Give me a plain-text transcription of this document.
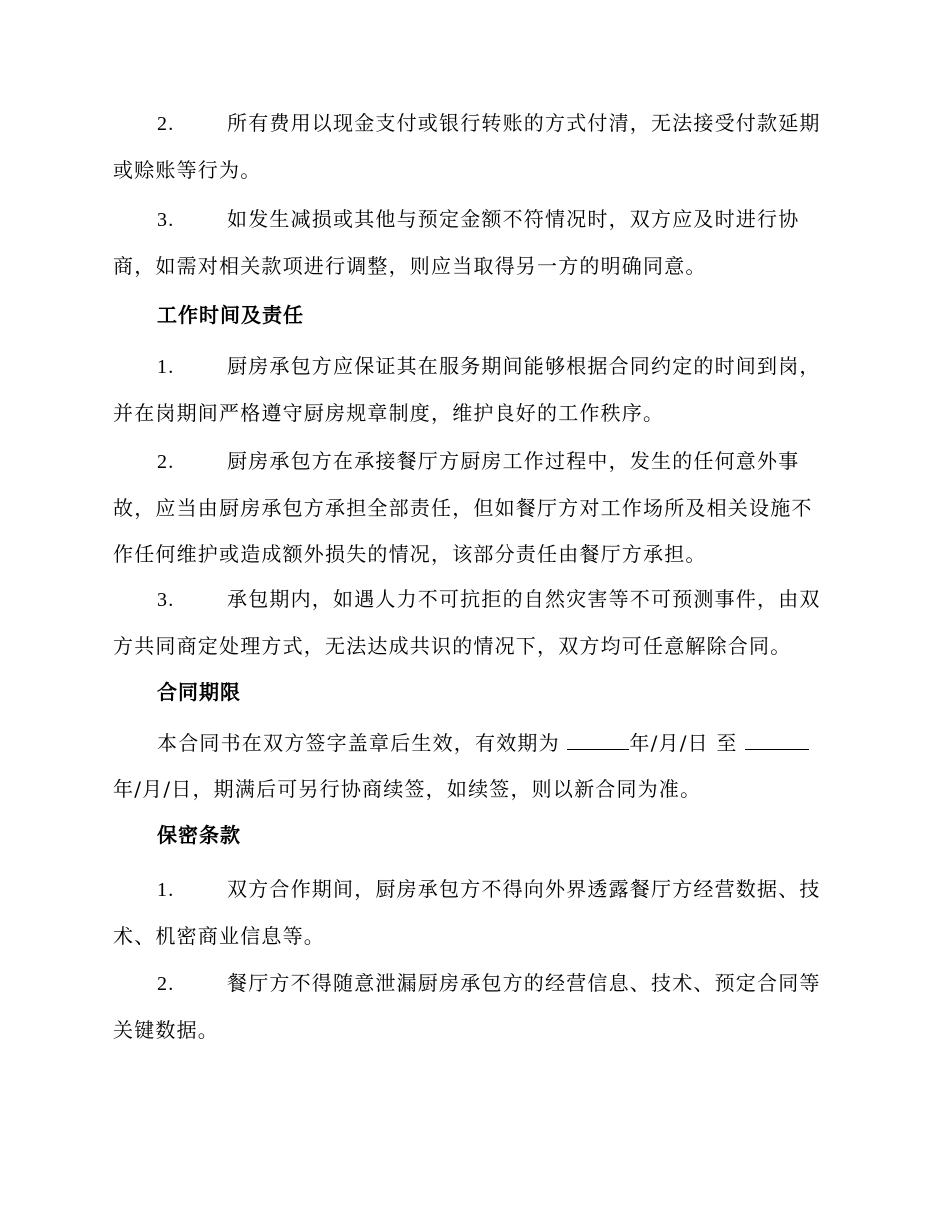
2.	所有费用以现金支付或银行转账的方式付清，无法接受付款延期或赊账等行为。

3.	如发生减损或其他与预定金额不符情况时，双方应及时进行协商，如需对相关款项进行调整，则应当取得另一方的明确同意。

工作时间及责任

1.	厨房承包方应保证其在服务期间能够根据合同约定的时间到岗，并在岗期间严格遵守厨房规章制度，维护良好的工作秩序。

2.	厨房承包方在承接餐厅方厨房工作过程中，发生的任何意外事故，应当由厨房承包方承担全部责任，但如餐厅方对工作场所及相关设施不作任何维护或造成额外损失的情况，该部分责任由餐厅方承担。

3.	承包期内，如遇人力不可抗拒的自然灾害等不可预测事件，由双方共同商定处理方式，无法达成共识的情况下，双方均可任意解除合同。

合同期限

本合同书在双方签字盖章后生效，有效期为	年/月/日 至 年/月/日，期满后可另行协商续签，如续签，则以新合同为准。

保密条款

1.	双方合作期间，厨房承包方不得向外界透露餐厅方经营数据、技术、机密商业信息等。

2.	餐厅方不得随意泄漏厨房承包方的经营信息、技术、预定合同等关键数据。
